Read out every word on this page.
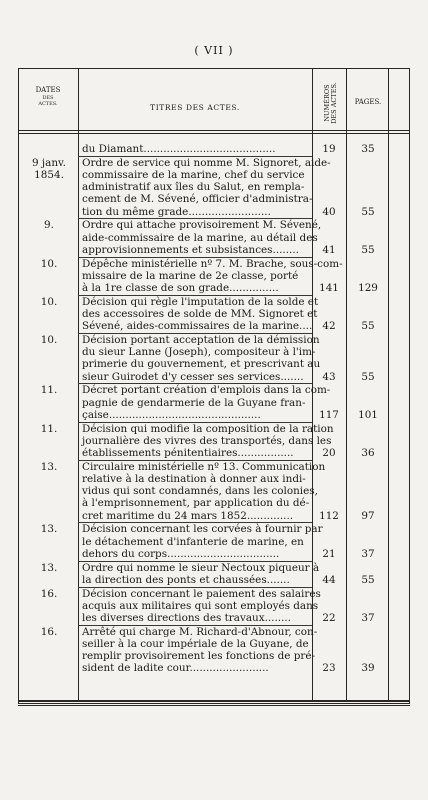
( VII )
DATES

DES
ACTES.	TITRES DES ACTES.	NUMÉROS
DES ACTES.	PAGES.
du Diamant........................................	19	35
9 janv. 1854.
Ordre de service qui nomme M. Signoret, aide-
commissaire de la marine, chef du service
administratif aux îles du Salut, en rempla-
cement de M. Sévené, officier d'administra-
tion du même grade.........................	40	55
9.	Ordre qui attache provisoirement M. Sévené,
aide-commissaire de la marine, au détail des
approvisionnements et subsistances........	41	55
10.	Dépêche ministérielle nº 7. M. Brache, sous-com-
missaire de la marine de 2e classe, porté
à la 1re classe de son grade...............	141	129
10.	Décision qui règle l'imputation de la solde et
des accessoires de solde de MM. Signoret et
Sévené, aides-commissaires de la marine.... 42	55
10.	Décision portant acceptation de la démission
du sieur Lanne (Joseph), compositeur à l'im-
primerie du gouvernement, et prescrivant au
sieur Guirodet d'y cesser ses services.......	43	55
11.	Décret portant création d'emplois dans la com-
pagnie de gendarmerie de la Guyane fran-
çaise..............................................	117	101
11.	Décision qui modifie la composition de la ration
journalière des vivres des transportés, dans les
établissements pénitentiaires.................	20	36
13.	Circulaire ministérielle nº 13. Communication
relative à la destination à donner aux indi-
vidus qui sont condamnés, dans les colonies,
à l'emprisonnement, par application du dé-
cret maritime du 24 mars 1852..............	112	97
13.	Décision concernant les corvées à fournir par
le détachement d'infanterie de marine, en
dehors du corps..................................	21	37
13.	Ordre qui nomme le sieur Nectoux piqueur à
la direction des ponts et chaussées.......	44	55
16.	Décision concernant le paiement des salaires
acquis aux militaires qui sont employés dans
les diverses directions des travaux........	22	37
16.	Arrêté qui charge M. Richard-d'Abnour, con-
seiller à la cour impériale de la Guyane, de
remplir provisoirement les fonctions de pré-
sident de ladite cour........................	23	39
